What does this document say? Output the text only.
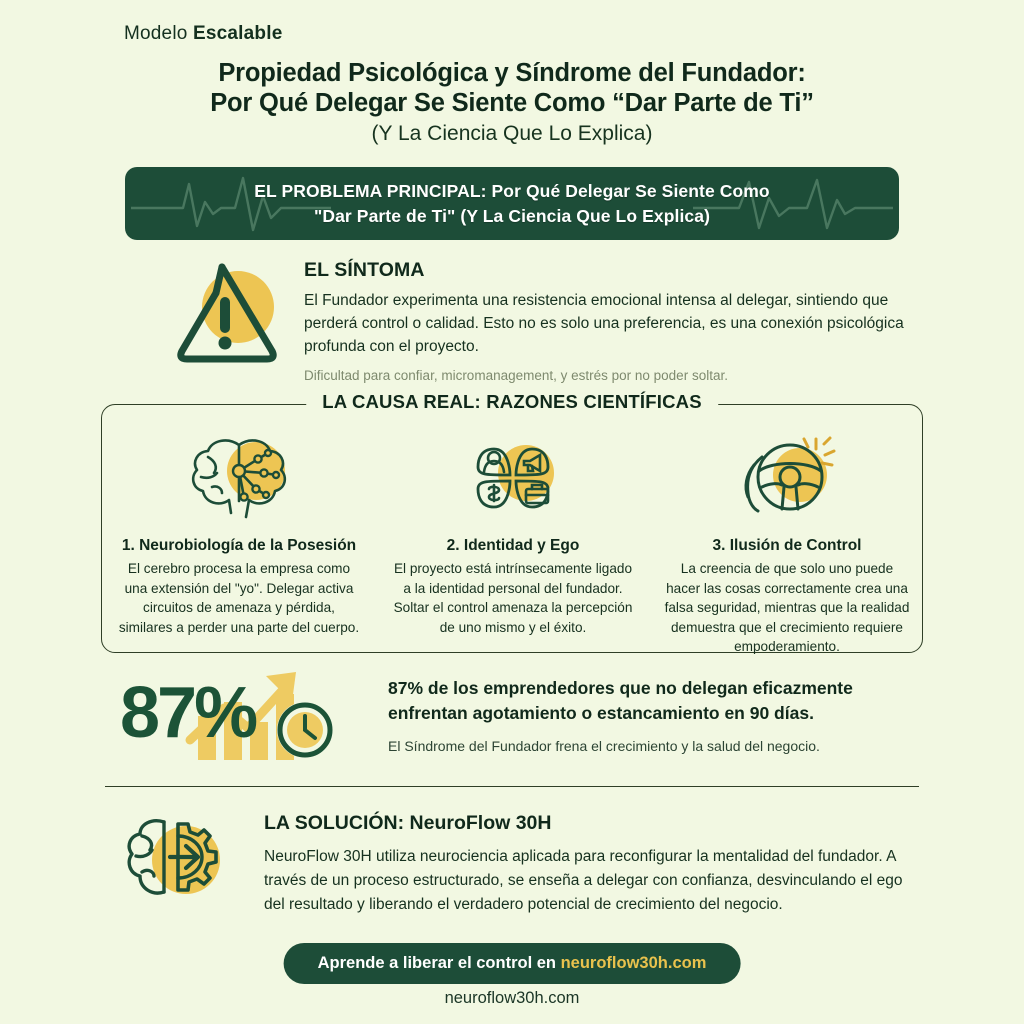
Modelo Escalable
Propiedad Psicológica y Síndrome del Fundador:
Por Qué Delegar Se Siente Como “Dar Parte de Ti”
(Y La Ciencia Que Lo Explica)
EL PROBLEMA PRINCIPAL: Por Qué Delegar Se Siente Como
"Dar Parte de Ti" (Y La Ciencia Que Lo Explica)
EL SÍNTOMA
El Fundador experimenta una resistencia emocional intensa al delegar, sintiendo que perderá control o calidad. Esto no es solo una preferencia, es una conexión psicológica profunda con el proyecto.
Dificultad para confiar, micromanagement, y estrés por no poder soltar.
LA CAUSA REAL: RAZONES CIENTÍFICAS
1. Neurobiología de la Posesión
El cerebro procesa la empresa como una extensión del "yo". Delegar activa circuitos de amenaza y pérdida, similares a perder una parte del cuerpo.
2. Identidad y Ego
El proyecto está intrínsecamente ligado a la identidad personal del fundador. Soltar el control amenaza la percepción de uno mismo y el éxito.
3. Ilusión de Control
La creencia de que solo uno puede hacer las cosas correctamente crea una falsa seguridad, mientras que la realidad demuestra que el crecimiento requiere empoderamiento.
87%	87% de los emprendedores que no delegan eficazmente enfrentan agotamiento o estancamiento en 90 días.
El Síndrome del Fundador frena el crecimiento y la salud del negocio.
LA SOLUCIÓN: NeuroFlow 30H
NeuroFlow 30H utiliza neurociencia aplicada para reconfigurar la mentalidad del fundador. A través de un proceso estructurado, se enseña a delegar con confianza, desvinculando el ego del resultado y liberando el verdadero potencial de crecimiento del negocio.
Aprende a liberar el control en neuroflow30h.com
neuroflow30h.com
